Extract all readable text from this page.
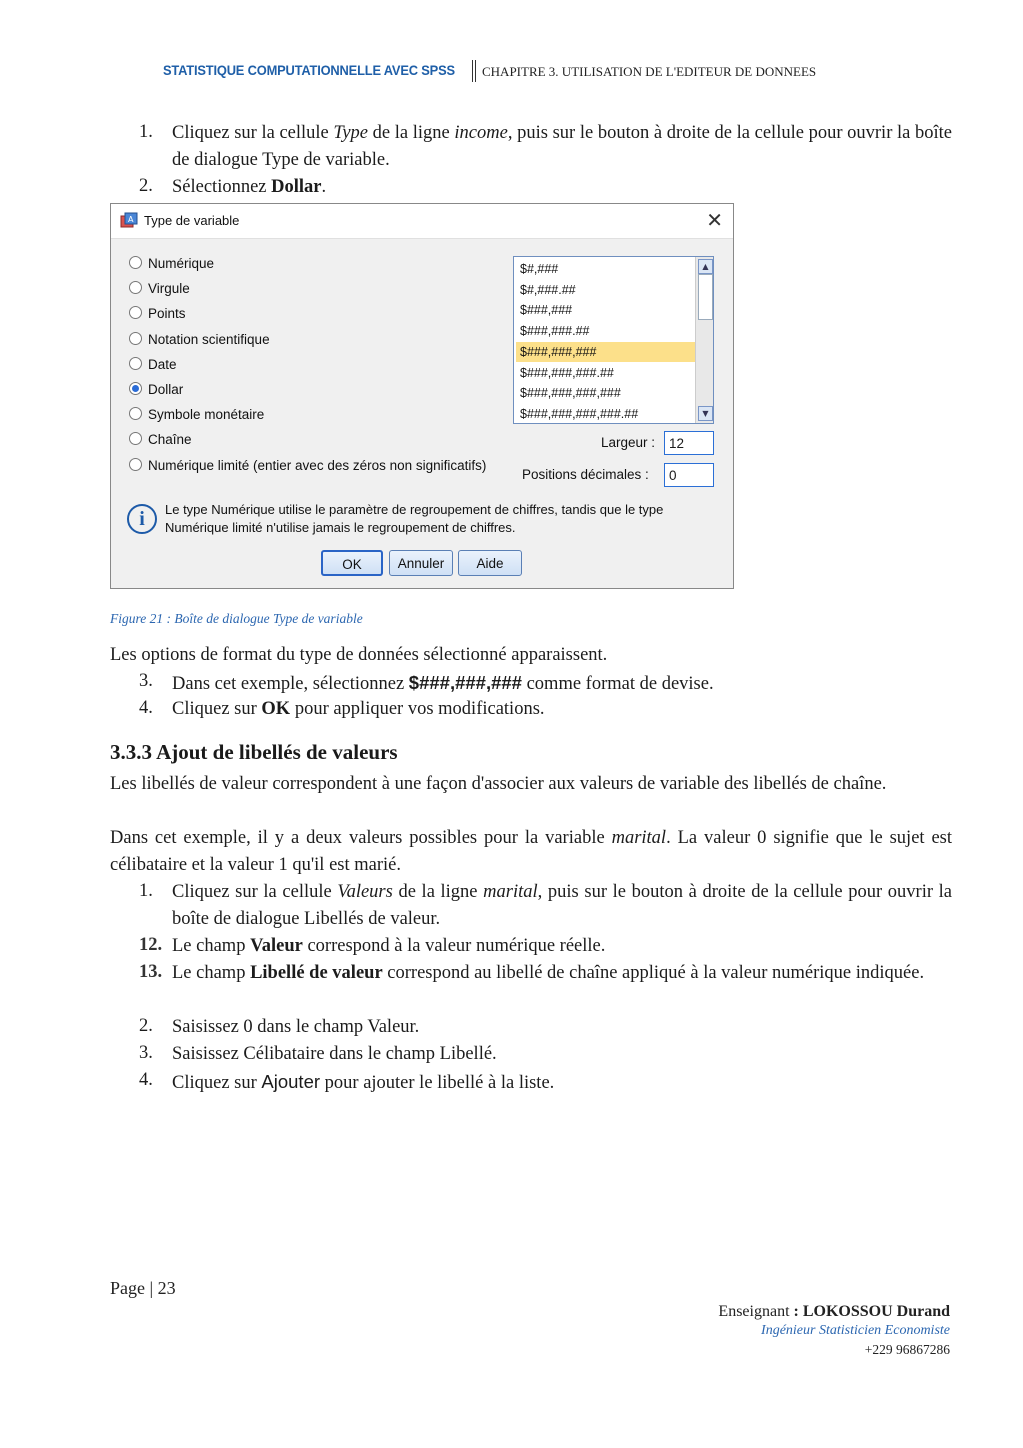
STATISTIQUE COMPUTATIONNELLE AVEC SPSS CHAPITRE 3. UTILISATION DE L'EDITEUR DE DONNEES
1. Cliquez sur la cellule Type de la ligne income, puis sur le bouton à droite de la cellule pour ouvrir la boîte de dialogue Type de variable.
2. Sélectionnez Dollar.
A Type de variable	✕
Numérique
Virgule
Points
Notation scientifique
Date
Dollar
Symbole monétaire
Chaîne
Numérique limité (entier avec des zéros non significatifs)
$#,###
$#,###.##
$###,###
$###,###.##
$###,###,###
$###,###,###.##
$###,###,###,###
$###,###,###,###.##
▲
▼
Largeur :	12
Positions décimales :	0
i	Le type Numérique utilise le paramètre de regroupement de chiffres, tandis que le type Numérique limité n'utilise jamais le regroupement de chiffres.
OK	Annuler	Aide
Figure 21 : Boîte de dialogue Type de variable
Les options de format du type de données sélectionné apparaissent.
3. Dans cet exemple, sélectionnez $###,###,### comme format de devise.
4. Cliquez sur OK pour appliquer vos modifications.
3.3.3 Ajout de libellés de valeurs
Les libellés de valeur correspondent à une façon d'associer aux valeurs de variable des libellés de chaîne.
Dans cet exemple, il y a deux valeurs possibles pour la variable marital. La valeur 0 signifie que le sujet est célibataire et la valeur 1 qu'il est marié.
1. Cliquez sur la cellule Valeurs de la ligne marital, puis sur le bouton à droite de la cellule pour ouvrir la boîte de dialogue Libellés de valeur.
12. Le champ Valeur correspond à la valeur numérique réelle.
13. Le champ Libellé de valeur correspond au libellé de chaîne appliqué à la valeur numérique indiquée.
2. Saisissez 0 dans le champ Valeur.
3. Saisissez Célibataire dans le champ Libellé.
4. Cliquez sur Ajouter pour ajouter le libellé à la liste.
Page | 23
Enseignant : LOKOSSOU Durand
Ingénieur Statisticien Economiste
+229 96867286
